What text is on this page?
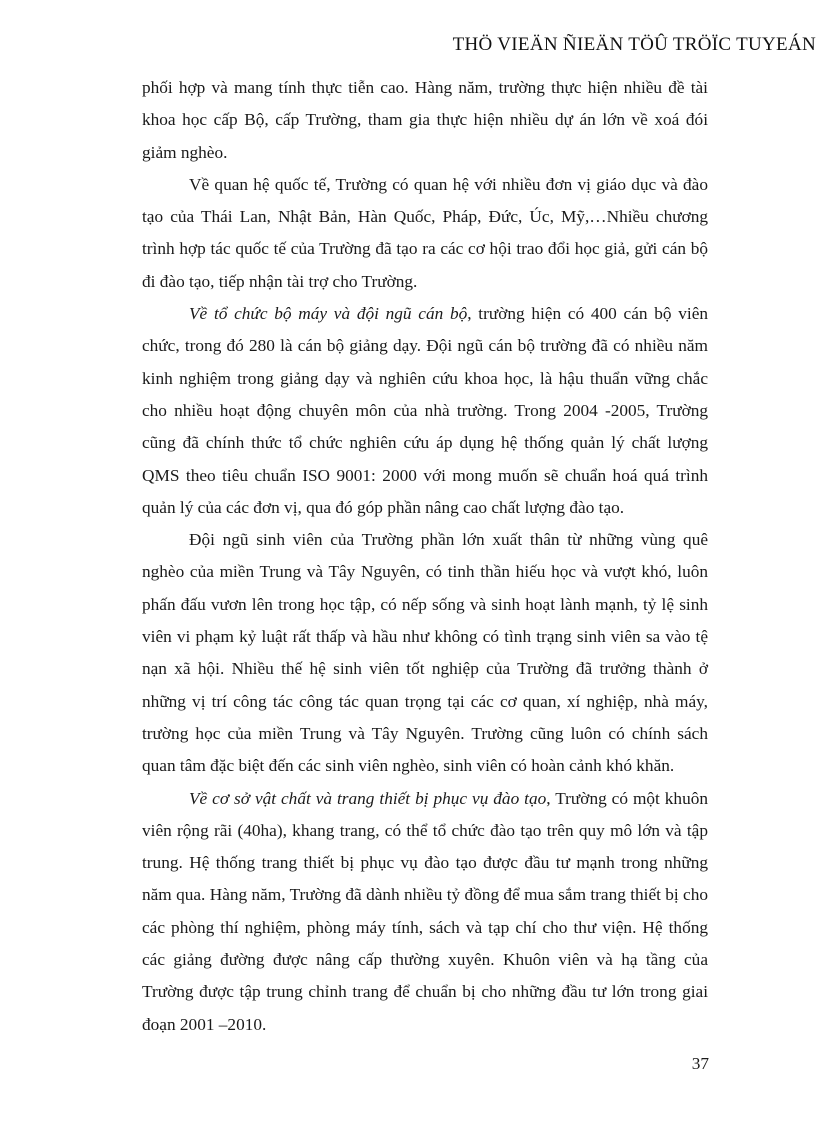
THÖ VIEÄN ÑIEÄN TÖÛ TRÖÏC TUYEÁN

phối hợp và mang tính thực tiễn cao. Hàng năm, trường thực hiện nhiều đề tài khoa học cấp Bộ, cấp Trường, tham gia thực hiện nhiều dự án lớn về xoá đói giảm nghèo.

Về quan hệ quốc tế, Trường có quan hệ với nhiều đơn vị giáo dục và đào tạo của Thái Lan, Nhật Bản, Hàn Quốc, Pháp, Đức, Úc, Mỹ,…Nhiều chương trình hợp tác quốc tế của Trường đã tạo ra các cơ hội trao đổi học giả, gửi cán bộ đi đào tạo, tiếp nhận tài trợ cho Trường.

Về tổ chức bộ máy và đội ngũ cán bộ, trường hiện có 400 cán bộ viên chức, trong đó 280 là cán bộ giảng dạy. Đội ngũ cán bộ trường đã có nhiều năm kinh nghiệm trong giảng dạy và nghiên cứu khoa học, là hậu thuẩn vững chắc cho nhiều hoạt động chuyên môn của nhà trường. Trong 2004 -2005, Trường cũng đã chính thức tổ chức nghiên cứu áp dụng hệ thống quản lý chất lượng QMS theo tiêu chuẩn ISO 9001: 2000 với mong muốn sẽ chuẩn hoá quá trình quản lý của các đơn vị, qua đó góp phần nâng cao chất lượng đào tạo.

Đội ngũ sinh viên của Trường phần lớn xuất thân từ những vùng quê nghèo của miền Trung và Tây Nguyên, có tinh thần hiếu học và vượt khó, luôn phấn đấu vươn lên trong học tập, có nếp sống và sinh hoạt lành mạnh, tỷ lệ sinh viên vi phạm kỷ luật rất thấp và hầu như không có tình trạng sinh viên sa vào tệ nạn xã hội. Nhiều thế hệ sinh viên tốt nghiệp của Trường đã trưởng thành ở những vị trí công tác công tác quan trọng tại các cơ quan, xí nghiệp, nhà máy, trường học của miền Trung và Tây Nguyên. Trường cũng luôn có chính sách quan tâm đặc biệt đến các sinh viên nghèo, sinh viên có hoàn cảnh khó khăn.

Về cơ sở vật chất và trang thiết bị phục vụ đào tạo, Trường có một khuôn viên rộng rãi (40ha), khang trang, có thể tổ chức đào tạo trên quy mô lớn và tập trung. Hệ thống trang thiết bị phục vụ đào tạo được đầu tư mạnh trong những năm qua. Hàng năm, Trường đã dành nhiều tỷ đồng để mua sắm trang thiết bị cho các phòng thí nghiệm, phòng máy tính, sách và tạp chí cho thư viện. Hệ thống các giảng đường được nâng cấp thường xuyên. Khuôn viên và hạ tầng của Trường được tập trung chỉnh trang để chuẩn bị cho những đầu tư lớn trong giai đoạn 2001 –2010.

37
